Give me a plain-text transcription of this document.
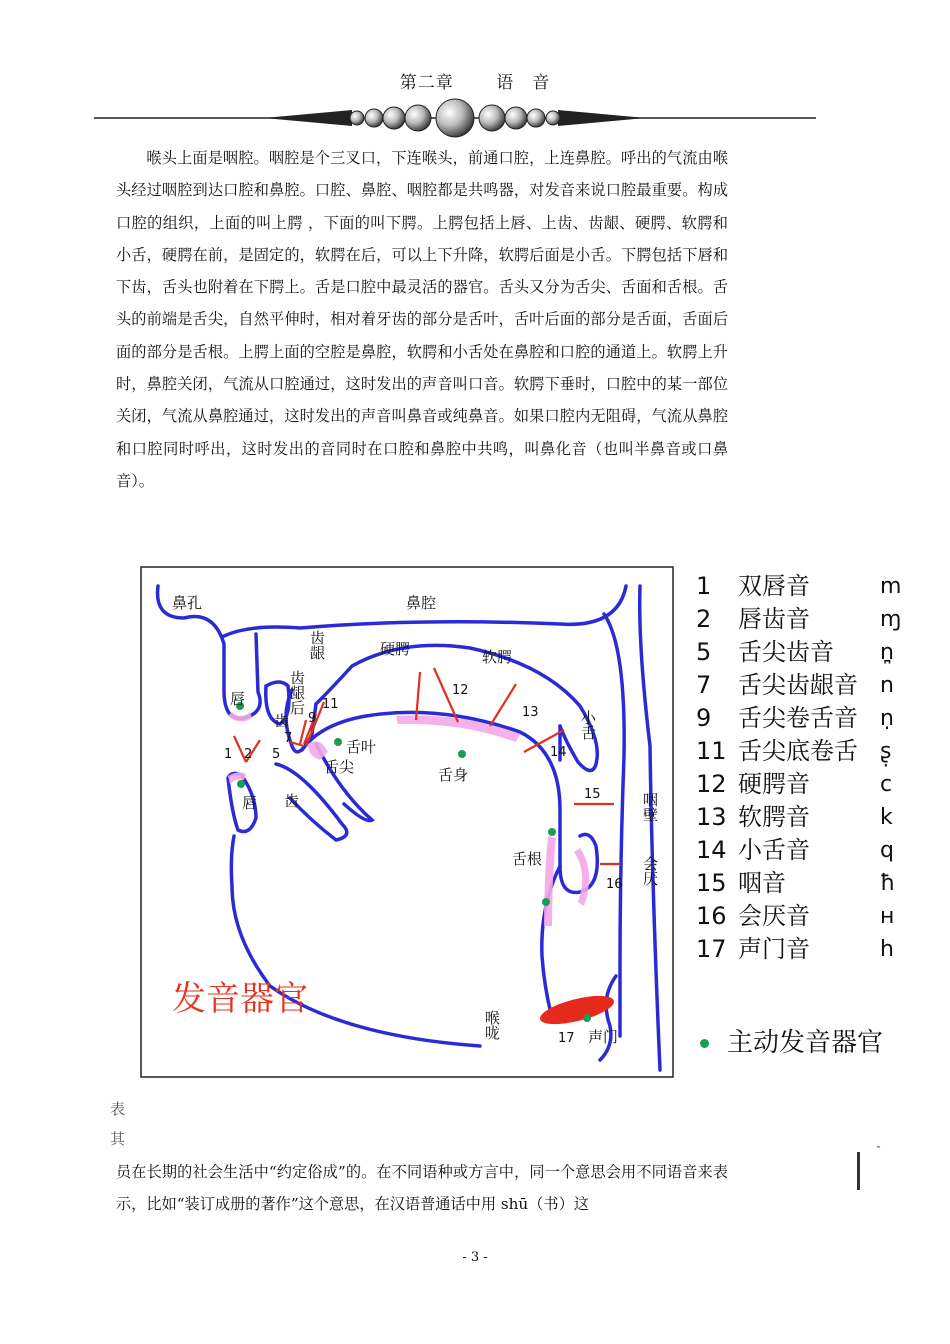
第二章 语　音
喉头上面是咽腔。咽腔是个三叉口，下连喉头，前通口腔，上连鼻腔。呼出的气流由喉头经过咽腔到达口腔和鼻腔。口腔、鼻腔、咽腔都是共鸣器，对发音来说口腔最重要。构成口腔的组织，上面的叫上腭 ，下面的叫下腭。上腭包括上唇、上齿、齿龈、硬腭、软腭和小舌，硬腭在前，是固定的，软腭在后，可以上下升降，软腭后面是小舌。下腭包括下唇和下齿，舌头也附着在下腭上。舌是口腔中最灵活的器官。舌头又分为舌尖、舌面和舌根。舌头的前端是舌尖，自然平伸时，相对着牙齿的部分是舌叶，舌叶后面的部分是舌面，舌面后面的部分是舌根。上腭上面的空腔是鼻腔，软腭和小舌处在鼻腔和口腔的通道上。软腭上升时，鼻腔关闭，气流从口腔通过，这时发出的声音叫口音。软腭下垂时，口腔中的某一部位关闭，气流从鼻腔通过，这时发出的声音叫鼻音或纯鼻音。如果口腔内无阻碍，气流从鼻腔和口腔同时呼出，这时发出的音同时在口腔和鼻腔中共鸣，叫鼻化音（也叫半鼻音或口鼻音）。
鼻孔	鼻腔
硬腭	软腭
唇
唇
齿
齿
舌叶
舌尖	舌身
舌根
喉咙	声门
齿龈
齿龈后
小舌
咽壁
会厌
1 2 5
7
9
11
12
13
14
15
16
17
发音器官
1	双唇音	m
2	唇齿音	ɱ
5	舌尖齿音 n̪
7	舌尖齿龈音 n
9	舌尖卷舌音 ṇ
11 舌尖底卷舌 ʂ̣
12 硬腭音	c
13 软腭音	k
14 小舌音	q
15 咽音	ħ
16 会厌音	ʜ
17 声门音	h
主动发音器官
表
其
˜
员在长期的社会生活中“约定俗成”的。在不同语种或方言中，同一个意思会用不同语音来表示，比如“装订成册的著作”这个意思，在汉语普通话中用 shū（书）这
- 3 -
